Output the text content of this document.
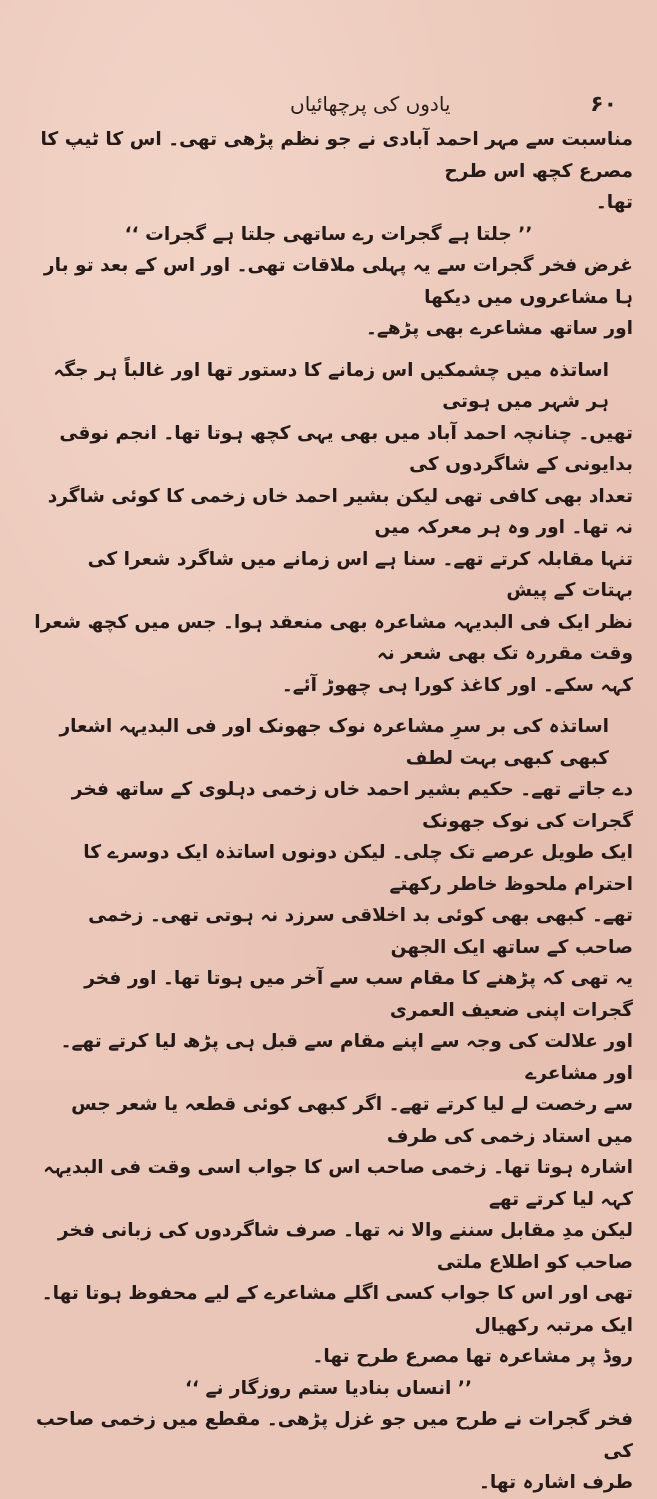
۶۰
یادوں کی پرچھائیاں

مناسبت سے مہر احمد آبادی نے جو نظم پڑھی تھی۔ اس کا ٹیپ کا مصرع کچھ اس طرح

تھا۔

’’ جلتا ہے گجرات رے ساتھی جلتا ہے گجرات ‘‘

غرض فخر گجرات سے یہ پہلی ملاقات تھی۔ اور اس کے بعد تو بار ہا مشاعروں میں دیکھا

اور ساتھ مشاعرے بھی پڑھے۔

اساتذہ میں چشمکیں اس زمانے کا دستور تھا اور غالباً ہر جگہ ہر شہر میں ہوتی

تھیں۔ چنانچہ احمد آباد میں بھی یہی کچھ ہوتا تھا۔ انجم نوقی بدایونی کے شاگردوں کی

تعداد بھی کافی تھی لیکن بشیر احمد خاں زخمی کا کوئی شاگرد نہ تھا۔ اور وہ ہر معرکہ میں

تنہا مقابلہ کرتے تھے۔ سنا ہے اس زمانے میں شاگرد شعرا کی بہتات کے پیش

نظر ایک فی البدیہہ مشاعرہ بھی منعقد ہوا۔ جس میں کچھ شعرا وقت مقررہ تک بھی شعر نہ

کہہ سکے۔ اور کاغذ کورا ہی چھوڑ آئے۔

اساتذہ کی بر سرِ مشاعرہ نوک جھونک اور فی البدیہہ اشعار کبھی کبھی بہت لطف

دے جاتے تھے۔ حکیم بشیر احمد خاں زخمی دہلوی کے ساتھ فخر گجرات کی نوک جھونک

ایک طویل عرصے تک چلی۔ لیکن دونوں اساتذہ ایک دوسرے کا احترام ملحوظ خاطر رکھتے

تھے۔ کبھی بھی کوئی بد اخلاقی سرزد نہ ہوتی تھی۔ زخمی صاحب کے ساتھ ایک الجھن

یہ تھی کہ پڑھنے کا مقام سب سے آخر میں ہوتا تھا۔ اور فخر گجرات اپنی ضعیف العمری

اور علالت کی وجہ سے اپنے مقام سے قبل ہی پڑھ لیا کرتے تھے۔ اور مشاعرے

سے رخصت لے لیا کرتے تھے۔ اگر کبھی کوئی قطعہ یا شعر جس میں استاد زخمی کی طرف

اشارہ ہوتا تھا۔ زخمی صاحب اس کا جواب اسی وقت فی البدیہہ کہہ لیا کرتے تھے

لیکن مدِ مقابل سننے والا نہ تھا۔ صرف شاگردوں کی زبانی فخر صاحب کو اطلاع ملتی

تھی اور اس کا جواب کسی اگلے مشاعرے کے لیے محفوظ ہوتا تھا۔ ایک مرتبہ رکھیال

روڈ پر مشاعرہ تھا مصرع طرح تھا۔

’’ انساں بنادیا ستم روزگار نے ‘‘

فخر گجرات نے طرح میں جو غزل پڑھی۔ مقطع میں زخمی صاحب کی

طرف اشارہ تھا۔
